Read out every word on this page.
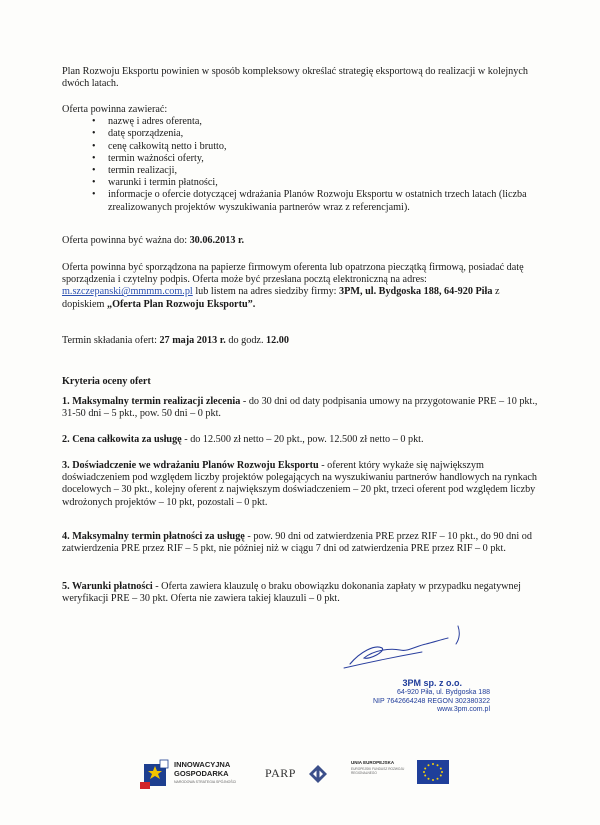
Plan Rozwoju Eksportu powinien w sposób kompleksowy określać strategię eksportową do realizacji w kolejnych dwóch latach.

Oferta powinna zawierać:

• nazwę i adres oferenta,
• datę sporządzenia,
• cenę całkowitą netto i brutto,
• termin ważności oferty,
• termin realizacji,
• warunki i termin płatności,
• informacje o ofercie dotyczącej wdrażania Planów Rozwoju Eksportu w ostatnich trzech latach (liczba zrealizowanych projektów wyszukiwania partnerów wraz z referencjami).

Oferta powinna być ważna do: 30.06.2013 r.

Oferta powinna być sporządzona na papierze firmowym oferenta lub opatrzona pieczątką firmową, posiadać datę sporządzenia i czytelny podpis. Oferta może być przesłana pocztą elektroniczną na adres: m.szczepanski@mmmm.com.pl lub listem na adres siedziby firmy: 3PM, ul. Bydgoska 188, 64-920 Piła z dopiskiem „Oferta Plan Rozwoju Eksportu”.

Termin składania ofert: 27 maja 2013 r. do godz. 12.00

Kryteria oceny ofert

1. Maksymalny termin realizacji zlecenia - do 30 dni od daty podpisania umowy na przygotowanie PRE – 10 pkt., 31-50 dni – 5 pkt., pow. 50 dni – 0 pkt.

2. Cena całkowita za usługę - do 12.500 zł netto – 20 pkt., pow. 12.500 zł netto – 0 pkt.

3. Doświadczenie we wdrażaniu Planów Rozwoju Eksportu - oferent który wykaże się największym doświadczeniem pod względem liczby projektów polegających na wyszukiwaniu partnerów handlowych na rynkach docelowych – 30 pkt., kolejny oferent z największym doświadczeniem – 20 pkt, trzeci oferent pod względem liczby wdrożonych projektów – 10 pkt, pozostali – 0 pkt.

4. Maksymalny termin płatności za usługę - pow. 90 dni od zatwierdzenia PRE przez RIF – 10 pkt., do 90 dni od zatwierdzenia PRE przez RIF – 5 pkt, nie później niż w ciągu 7 dni od zatwierdzenia PRE przez RIF – 0 pkt.

5. Warunki płatności - Oferta zawiera klauzulę o braku obowiązku dokonania zapłaty w przypadku negatywnej weryfikacji PRE – 30 pkt. Oferta nie zawiera takiej klauzuli – 0 pkt.

3PM sp. z o.o.
64-920 Piła, ul. Bydgoska 188
NIP 7642664248 REGON 302380322
www.3pm.com.pl
INNOWACYJNA
GOSPODARKA
NARODOWA STRATEGIA SPÓJNOŚCI
PARP
UNIA EUROPEJSKA
EUROPEJSKI FUNDUSZ ROZWOJU REGIONALNEGO
